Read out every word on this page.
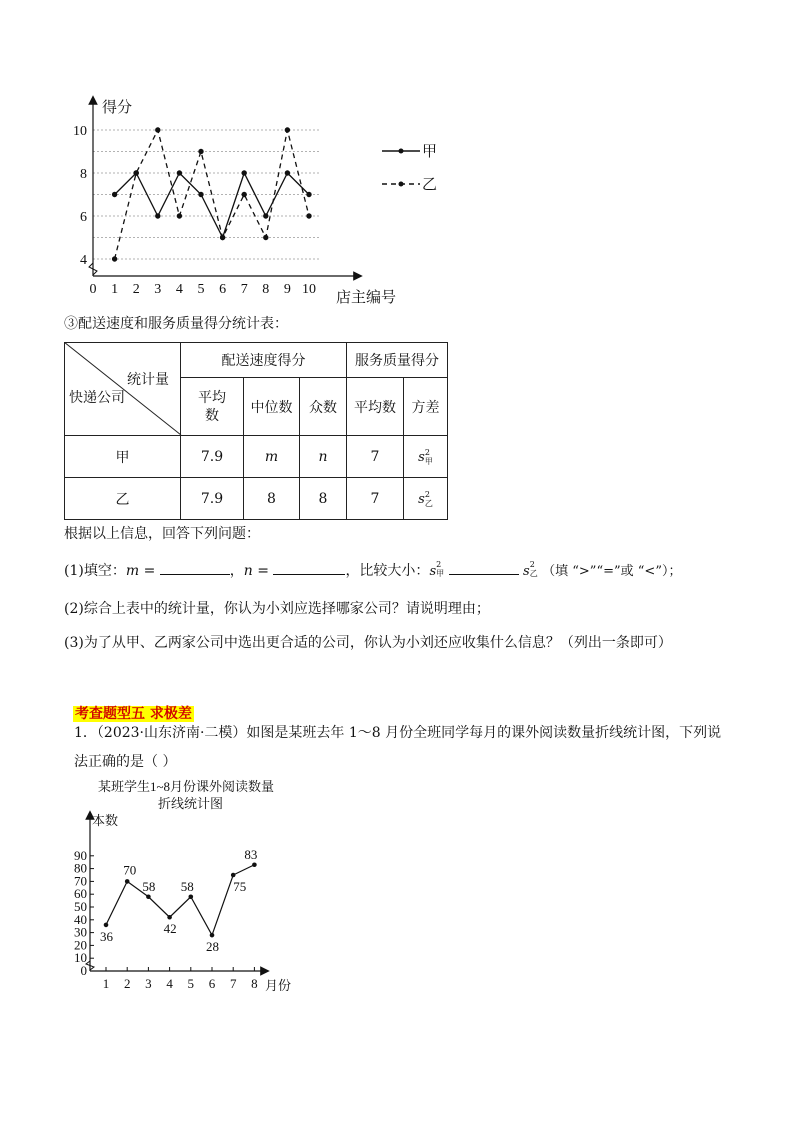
0 1 2 3 4 5 6 7 8 9 10
4
6
8
10
得分
店主编号
甲
乙
③配送速度和服务质量得分统计表：
统计量
快递公司	配送速度得分			服务质量得分	

	平均数	中位数	众数	平均数	方差
甲	7.9	m	n	7	s 2
甲

乙	7.9	8	8	7	s 2
乙
根据以上信息，回答下列问题：
(1)填空：m =	，n =	，比较大小：s 2
甲	s 2
乙 （填 “>”“=”或 “<”）；
(2)综合上表中的统计量，你认为小刘应选择哪家公司？请说明理由；
(3)为了从甲、乙两家公司中选出更合适的公司，你认为小刘还应收集什么信息？（列出一条即可）
考查题型五 求极差
1．（2023·山东济南·二模）如图是某班去年 1～8 月份全班同学每月的课外阅读数量折线统计图，下列说
法正确的是（ ）
某班学生1~8月份课外阅读数量
折线统计图
本数
月份
36
70
58
42
58
28
75
83
0
10
20
30
40
50
60
70
80
90
1 2 3 4 5 6 7 8
